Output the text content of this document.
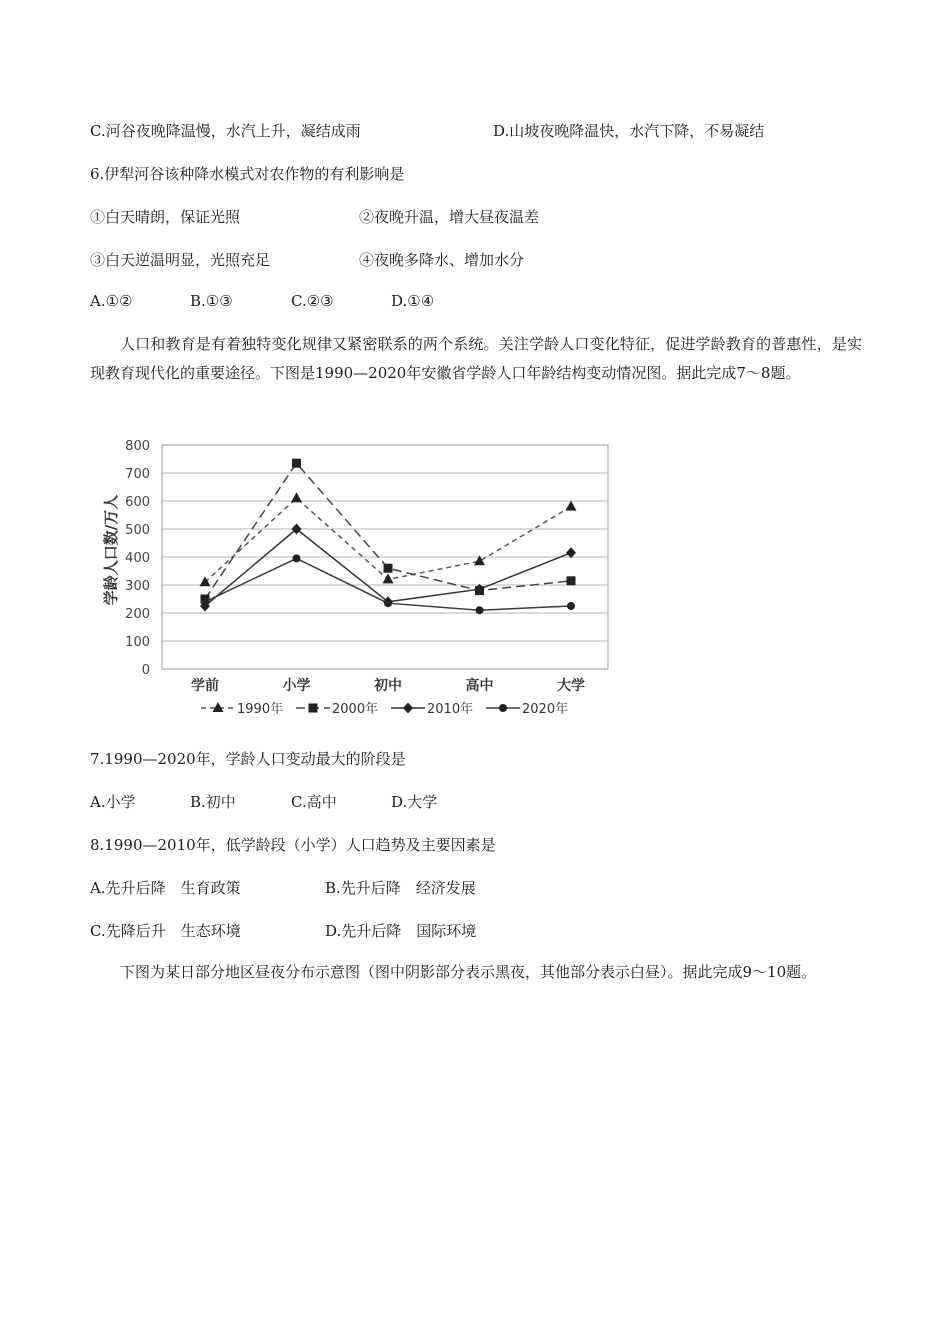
C.河谷夜晚降温慢，水汽上升，凝结成雨	D.山坡夜晚降温快，水汽下降，不易凝结
6.伊犁河谷该种降水模式对农作物的有利影响是
①白天晴朗，保证光照	②夜晚升温，增大昼夜温差
③白天逆温明显，光照充足	④夜晚多降水、增加水分
A.①②	B.①③	C.②③	D.①④
人口和教育是有着独特变化规律又紧密联系的两个系统。关注学龄人口变化特征，促进学龄教育的普惠性，是实现教育现代化的重要途径。下图是1990—2020年安徽省学龄人口年龄结构变动情况图。据此完成7～8题。
学龄人口数/万人
0
100
200
300
400
500
600
700
800
学前	小学	初中	高中	大学
1990年	2000年	2010年	2020年
7.1990—2020年，学龄人口变动最大的阶段是
A.小学	B.初中	C.高中	D.大学
8.1990—2010年，低学龄段（小学）人口趋势及主要因素是
A.先升后降　生育政策	B.先升后降　经济发展
C.先降后升　生态环境	D.先升后降　国际环境
下图为某日部分地区昼夜分布示意图（图中阴影部分表示黑夜，其他部分表示白昼）。据此完成9～10题。
